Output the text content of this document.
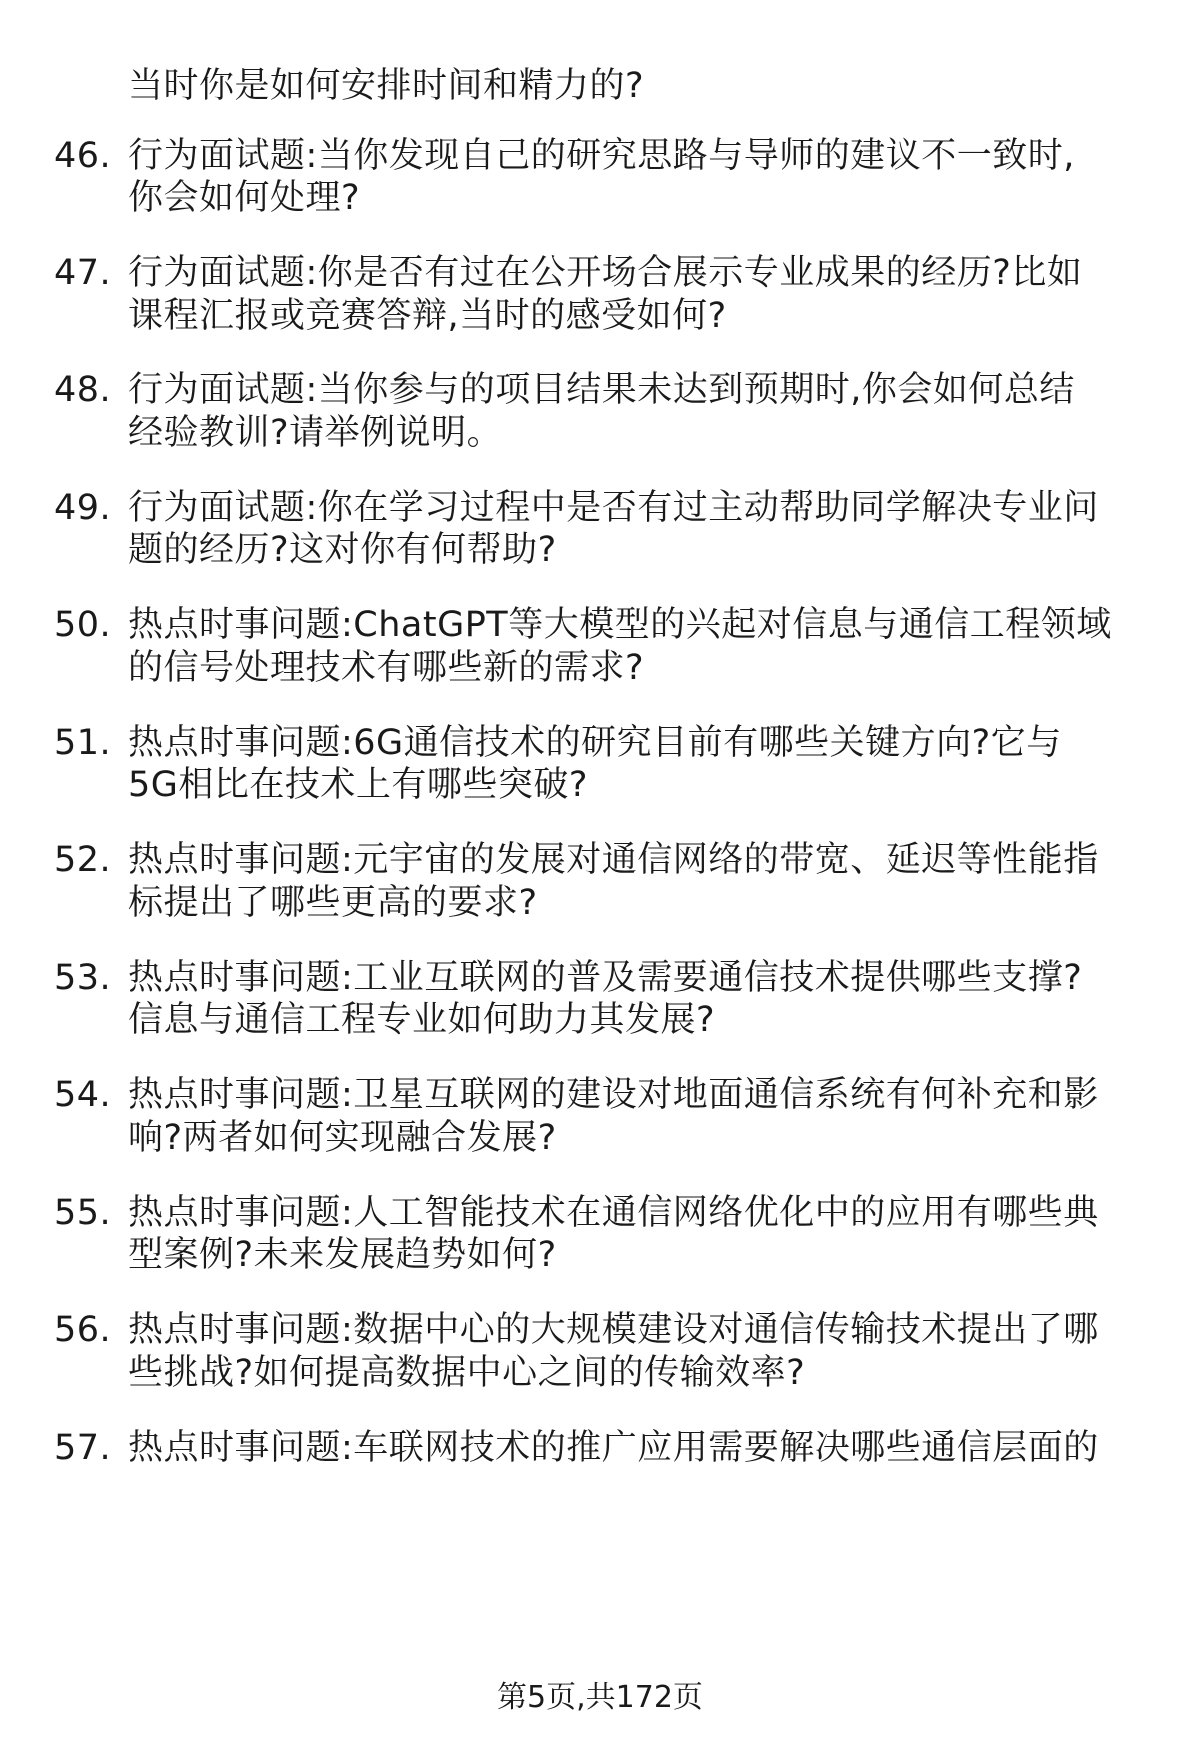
当时你是如何安排时间和精力的?
46. 行为面试题:当你发现自己的研究思路与导师的建议不一致时,
你会如何处理?
47. 行为面试题:你是否有过在公开场合展示专业成果的经历?比如
课程汇报或竞赛答辩,当时的感受如何?
48. 行为面试题:当你参与的项目结果未达到预期时,你会如何总结
经验教训?请举例说明。
49. 行为面试题:你在学习过程中是否有过主动帮助同学解决专业问
题的经历?这对你有何帮助?
50. 热点时事问题:ChatGPT等大模型的兴起对信息与通信工程领域
的信号处理技术有哪些新的需求?
51. 热点时事问题:6G通信技术的研究目前有哪些关键方向?它与
5G相比在技术上有哪些突破?
52. 热点时事问题:元宇宙的发展对通信网络的带宽、延迟等性能指
标提出了哪些更高的要求?
53. 热点时事问题:工业互联网的普及需要通信技术提供哪些支撑?
信息与通信工程专业如何助力其发展?
54. 热点时事问题:卫星互联网的建设对地面通信系统有何补充和影
响?两者如何实现融合发展?
55. 热点时事问题:人工智能技术在通信网络优化中的应用有哪些典
型案例?未来发展趋势如何?
56. 热点时事问题:数据中心的大规模建设对通信传输技术提出了哪
些挑战?如何提高数据中心之间的传输效率?
57. 热点时事问题:车联网技术的推广应用需要解决哪些通信层面的
第5页,共172页
